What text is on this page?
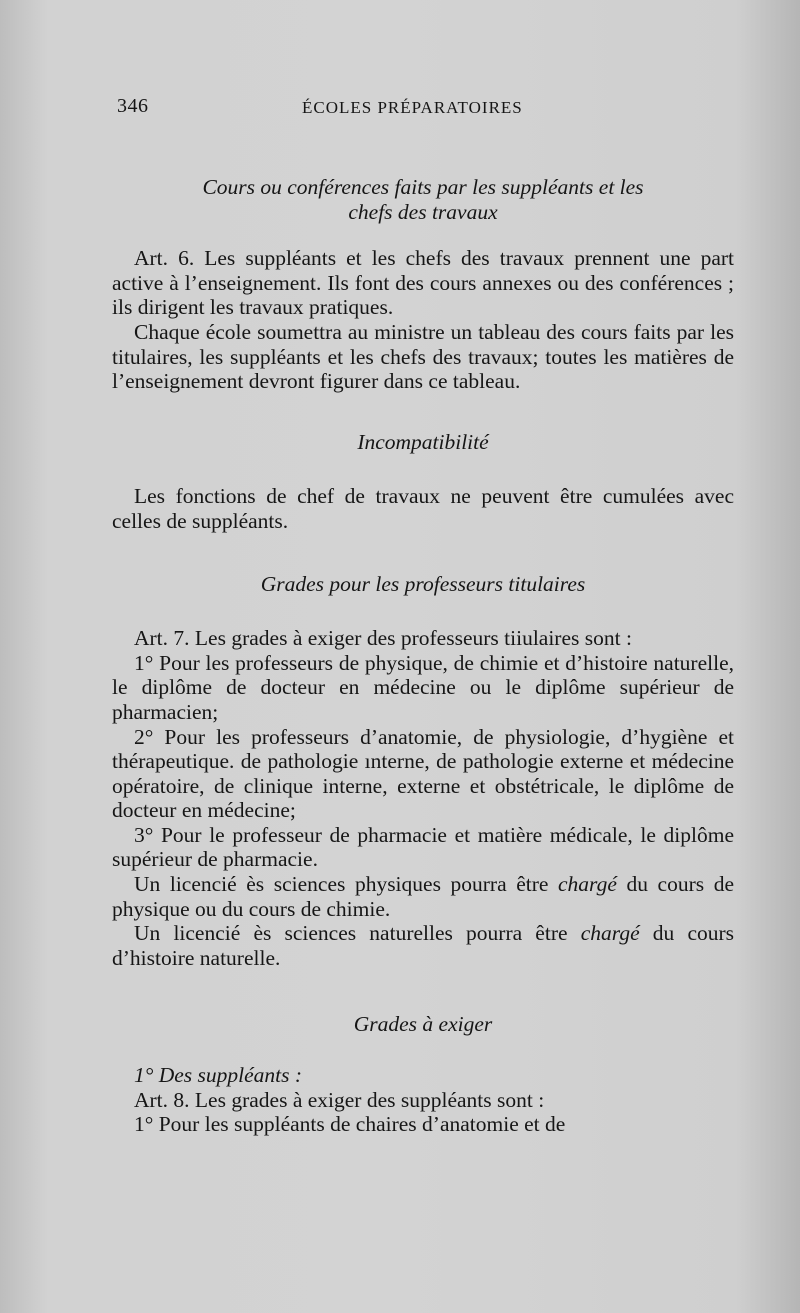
346	ÉCOLES PRÉPARATOIRES

Cours ou conférences faits par les suppléants et les
chefs des travaux

Art. 6. Les suppléants et les chefs des travaux prennent une part active à l’enseignement. Ils font des cours annexes ou des conférences ; ils dirigent les travaux pratiques.

Chaque école soumettra au ministre un tableau des cours faits par les titulaires, les suppléants et les chefs des travaux; toutes les matières de l’enseignement devront figurer dans ce tableau.

Incompatibilité

Les fonctions de chef de travaux ne peuvent être cumulées avec celles de suppléants.

Grades pour les professeurs titulaires

Art. 7. Les grades à exiger des professeurs tiiulaires sont :

1° Pour les professeurs de physique, de chimie et d’histoire naturelle, le diplôme de docteur en médecine ou le diplôme supérieur de pharmacien;

2° Pour les professeurs d’anatomie, de physiologie, d’hygiène et thérapeutique. de pathologie ınterne, de pathologie externe et médecine opératoire, de clinique interne, externe et obstétricale, le diplôme de docteur en médecine;

3° Pour le professeur de pharmacie et matière médicale, le diplôme supérieur de pharmacie.

Un licencié ès sciences physiques pourra être chargé du cours de physique ou du cours de chimie.

Un licencié ès sciences naturelles pourra être chargé du cours d’histoire naturelle.

Grades à exiger

1° Des suppléants :

Art. 8. Les grades à exiger des suppléants sont :

1° Pour les suppléants de chaires d’anatomie et de
